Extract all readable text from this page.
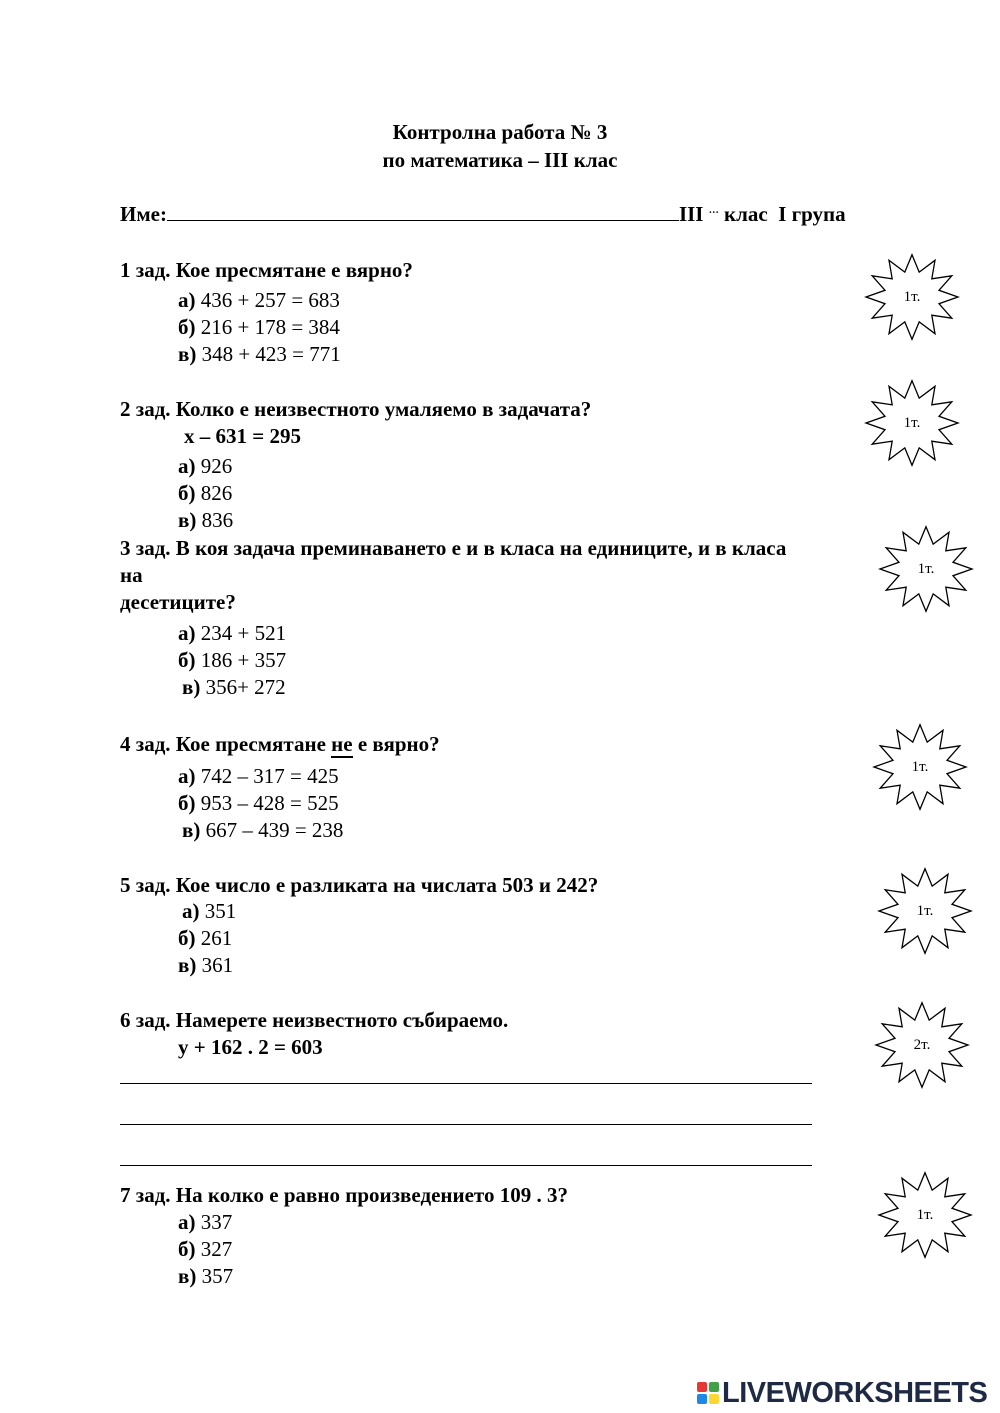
Контролна работа № 3
по математика – III клас
Име:	III … клас I група
1 зад. Кое пресмятане е вярно?
а) 436 + 257 = 683
б) 216 + 178 = 384
в) 348 + 423 = 771
2 зад. Колко е неизвестното умаляемо в задачата?
х – 631 = 295
а) 926
б) 826
в) 836
3 зад. В коя задача преминаването е и в класа на единиците, и в класа
на
десетиците?
а) 234 + 521
б) 186 + 357
в) 356+ 272
4 зад. Кое пресмятане не е вярно?
а) 742 – 317 = 425
б) 953 – 428 = 525
в) 667 – 439 = 238
5 зад. Кое число е разликата на числата 503 и 242?
а) 351
б) 261
в) 361
6 зад. Намерете неизвестното събираемо.
у + 162 . 2 = 603
7 зад. На колко е равно произведението 109 . 3?
а) 337
б) 327
в) 357
1т.
1т.
1т.
1т.
1т.
2т.
1т.
LIVEWORKSHEETS
